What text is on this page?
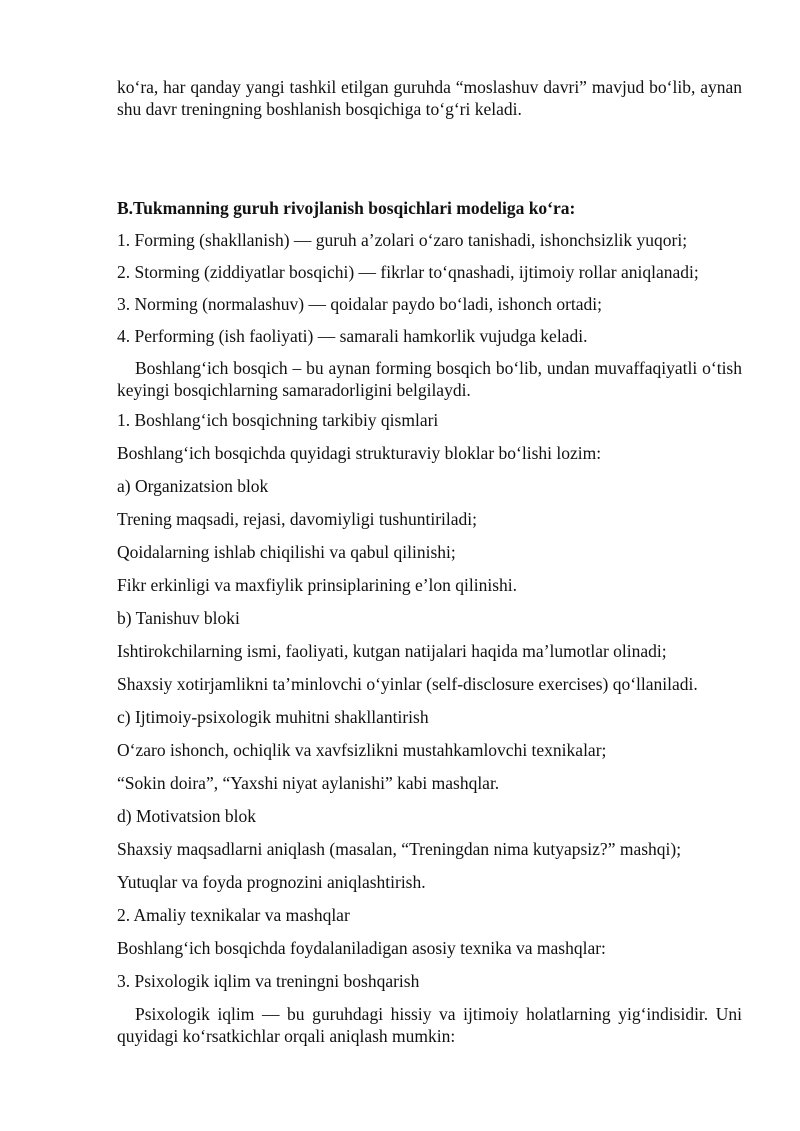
ko‘ra, har qanday yangi tashkil etilgan guruhda “moslashuv davri” mavjud bo‘lib, aynan shu davr treningning boshlanish bosqichiga to‘g‘ri keladi.
B.Tukmanning guruh rivojlanish bosqichlari modeliga ko‘ra:
1. Forming (shakllanish) — guruh a’zolari o‘zaro tanishadi, ishonchsizlik yuqori;
2. Storming (ziddiyatlar bosqichi) — fikrlar to‘qnashadi, ijtimoiy rollar aniqlanadi;
3. Norming (normalashuv) — qoidalar paydo bo‘ladi, ishonch ortadi;
4. Performing (ish faoliyati) — samarali hamkorlik vujudga keladi.
Boshlang‘ich bosqich – bu aynan forming bosqich bo‘lib, undan muvaffaqiyatli o‘tish keyingi bosqichlarning samaradorligini belgilaydi.
1. Boshlang‘ich bosqichning tarkibiy qismlari
Boshlang‘ich bosqichda quyidagi strukturaviy bloklar bo‘lishi lozim:
a) Organizatsion blok
Trening maqsadi, rejasi, davomiyligi tushuntiriladi;
Qoidalarning ishlab chiqilishi va qabul qilinishi;
Fikr erkinligi va maxfiylik prinsiplarining e’lon qilinishi.
b) Tanishuv bloki
Ishtirokchilarning ismi, faoliyati, kutgan natijalari haqida ma’lumotlar olinadi;
Shaxsiy xotirjamlikni ta’minlovchi o‘yinlar (self-disclosure exercises) qo‘llaniladi.
c) Ijtimoiy-psixologik muhitni shakllantirish
O‘zaro ishonch, ochiqlik va xavfsizlikni mustahkamlovchi texnikalar;
“Sokin doira”, “Yaxshi niyat aylanishi” kabi mashqlar.
d) Motivatsion blok
Shaxsiy maqsadlarni aniqlash (masalan, “Treningdan nima kutyapsiz?” mashqi);
Yutuqlar va foyda prognozini aniqlashtirish.
2. Amaliy texnikalar va mashqlar
Boshlang‘ich bosqichda foydalaniladigan asosiy texnika va mashqlar:
3. Psixologik iqlim va treningni boshqarish
Psixologik iqlim — bu guruhdagi hissiy va ijtimoiy holatlarning yig‘indisidir. Uni quyidagi ko‘rsatkichlar orqali aniqlash mumkin:
